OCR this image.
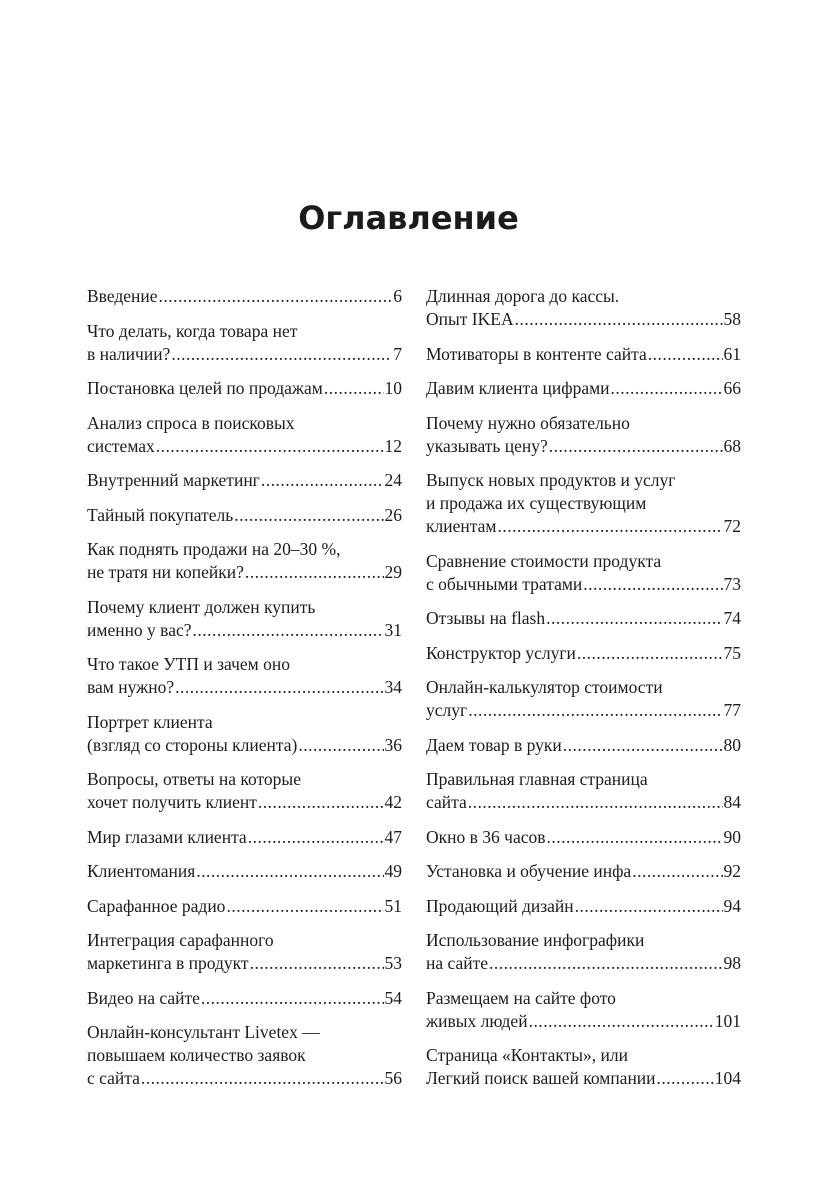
Оглавление
Введение .....	6
Что делать, когда товара нет
в наличии? .....	7
Постановка целей по продажам .....	10
Анализ спроса в поисковых
системах .....	12
Внутренний маркетинг .....	24
Тайный покупатель .....	26
Как поднять продажи на 20–30 %,
не тратя ни копейки? .....	29
Почему клиент должен купить
именно у вас? .....	31
Что такое УТП и зачем оно
вам нужно? .....	34
Портрет клиента
(взгляд со стороны клиента) .....	36
Вопросы, ответы на которые
хочет получить клиент .....	42
Мир глазами клиента .....	47
Клиентомания .....	49
Сарафанное радио .....	51
Интеграция сарафанного
маркетинга в продукт .....	53
Видео на сайте .....	54
Онлайн-консультант Livetex —
повышаем количество заявок
с сайта .....	56
Длинная дорога до кассы.
Опыт IKEA .....	58
Мотиваторы в контенте сайта .....	61
Давим клиента цифрами .....	66
Почему нужно обязательно
указывать цену? .....	68
Выпуск новых продуктов и услуг
и продажа их существующим
клиентам .....	72
Сравнение стоимости продукта
с обычными тратами .....	73
Отзывы на flash .....	74
Конструктор услуги .....	75
Онлайн-калькулятор стоимости
услуг .....	77
Даем товар в руки .....	80
Правильная главная страница
сайта .....	84
Окно в 36 часов .....	90
Установка и обучение инфа .....	92
Продающий дизайн .....	94
Использование инфографики
на сайте .....	98
Размещаем на сайте фото
живых людей .....	101
Страница «Контакты», или
Легкий поиск вашей компании .....	104
